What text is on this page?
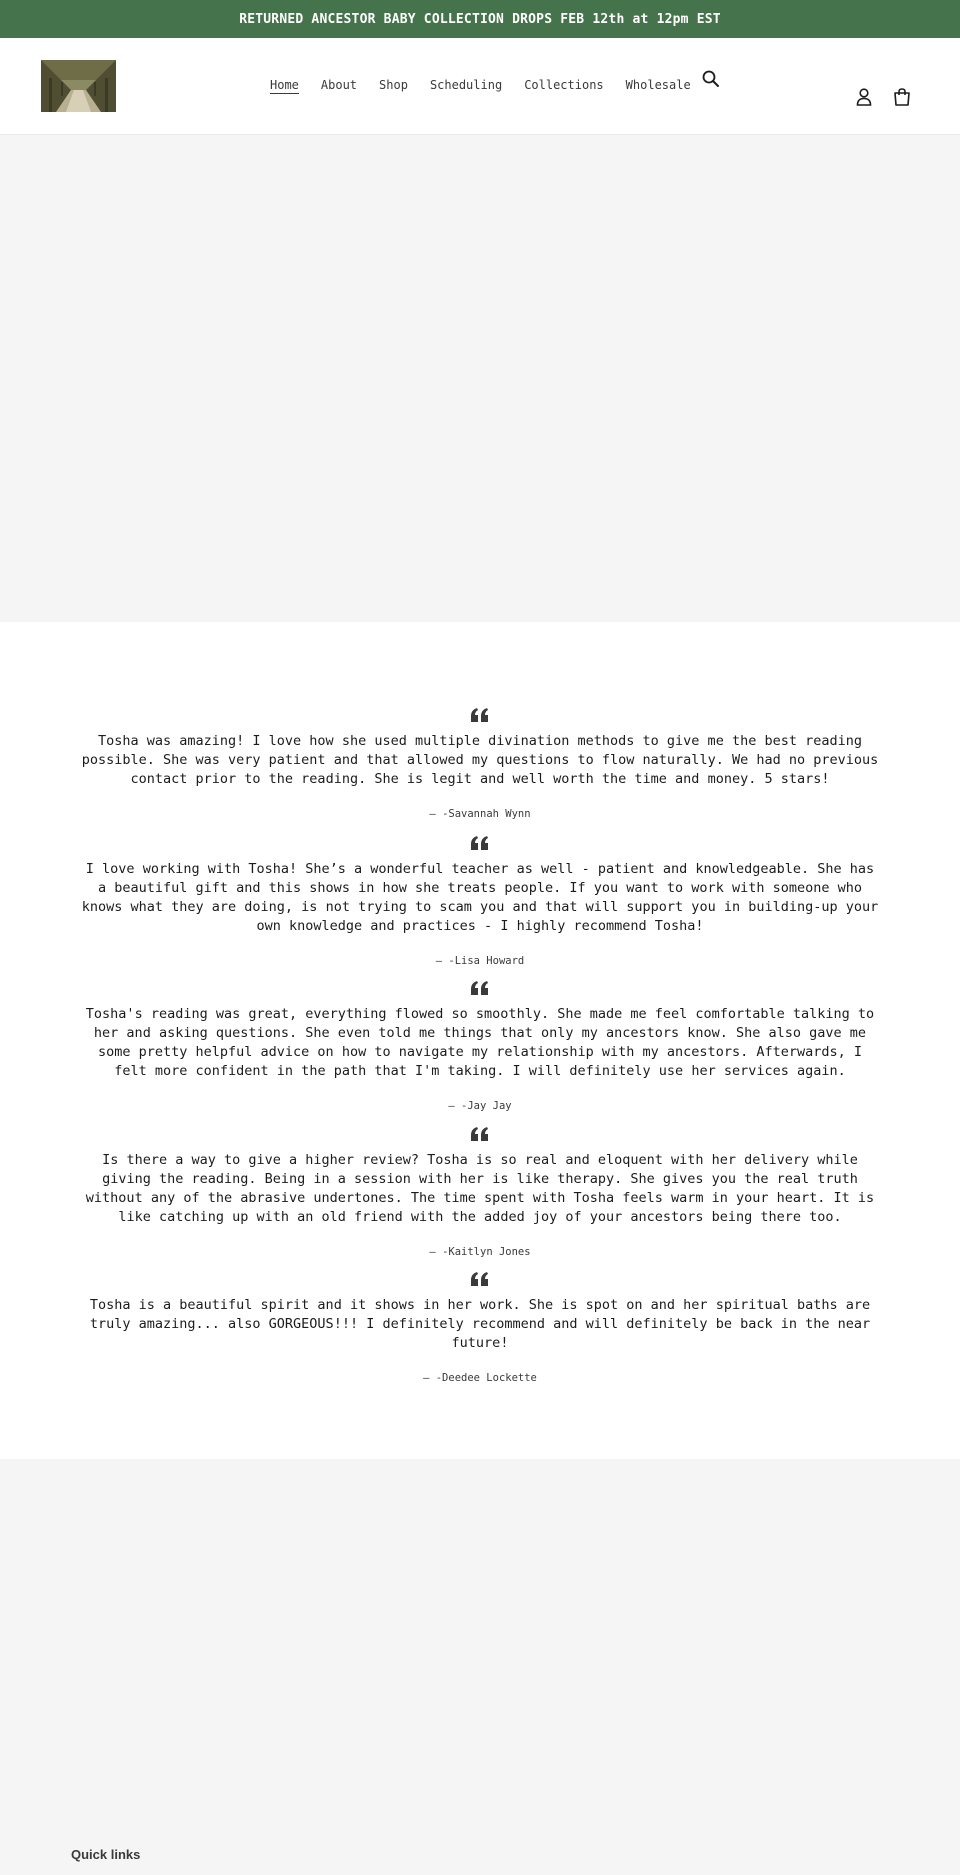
RETURNED ANCESTOR BABY COLLECTION DROPS FEB 12th at 12pm EST
Home About Shop Scheduling Collections Wholesale

Tosha was amazing! I love how she used multiple divination methods to give me the best reading possible. She was very patient and that allowed my questions to flow naturally. We had no previous contact prior to the reading. She is legit and well worth the time and money. 5 stars!

— -Savannah Wynn

I love working with Tosha! She’s a wonderful teacher as well - patient and knowledgeable. She has a beautiful gift and this shows in how she treats people. If you want to work with someone who knows what they are doing, is not trying to scam you and that will support you in building-up your own knowledge and practices - I highly recommend Tosha!

— -Lisa Howard

Tosha's reading was great, everything flowed so smoothly. She made me feel comfortable talking to her and asking questions. She even told me things that only my ancestors know. She also gave me some pretty helpful advice on how to navigate my relationship with my ancestors. Afterwards, I felt more confident in the path that I'm taking. I will definitely use her services again.

— -Jay Jay

Is there a way to give a higher review? Tosha is so real and eloquent with her delivery while giving the reading. Being in a session with her is like therapy. She gives you the real truth without any of the abrasive undertones. The time spent with Tosha feels warm in your heart. It is like catching up with an old friend with the added joy of your ancestors being there too.

— -Kaitlyn Jones

Tosha is a beautiful spirit and it shows in her work. She is spot on and her spiritual baths are truly amazing... also GORGEOUS!!! I definitely recommend and will definitely be back in the near future!

— -Deedee Lockette
Quick links
